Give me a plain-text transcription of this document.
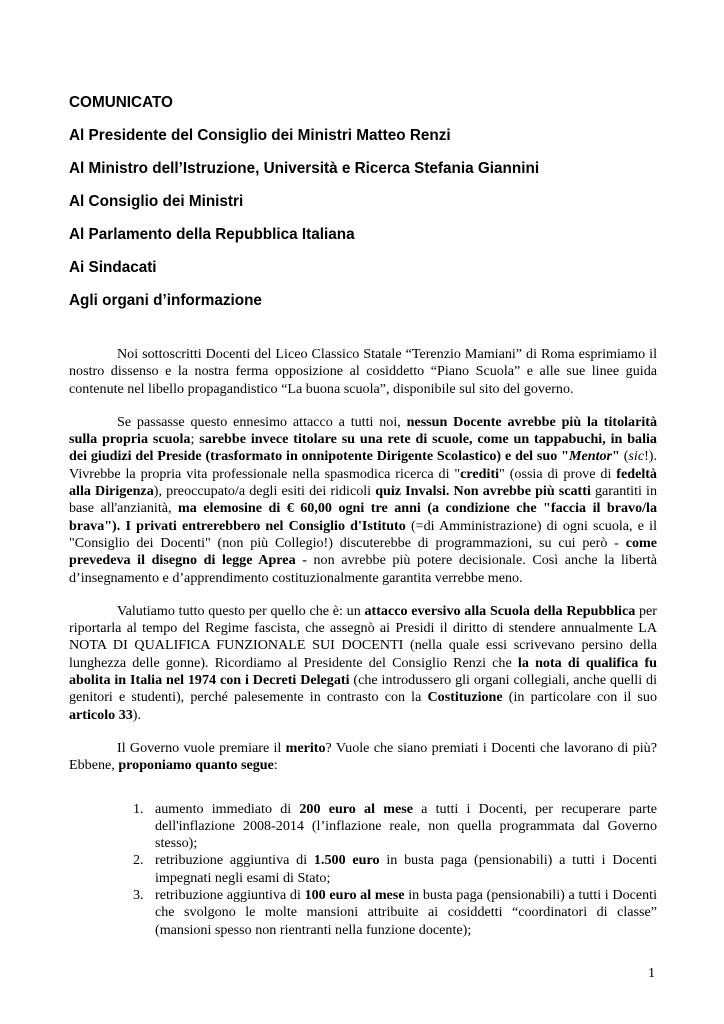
COMUNICATO
Al Presidente del Consiglio dei Ministri Matteo Renzi
Al Ministro dell’Istruzione, Università e Ricerca Stefania Giannini
Al Consiglio dei Ministri
Al Parlamento della Repubblica Italiana
Ai Sindacati
Agli organi d’informazione

Noi sottoscritti Docenti del Liceo Classico Statale “Terenzio Mamiani” di Roma esprimiamo il nostro dissenso e la nostra ferma opposizione al cosiddetto “Piano Scuola” e alle sue linee guida contenute nel libello propagandistico “La buona scuola”, disponibile sul sito del governo.

Se passasse questo ennesimo attacco a tutti noi, nessun Docente avrebbe più la titolarità sulla propria scuola; sarebbe invece titolare su una rete di scuole, come un tappabuchi, in balia dei giudizi del Preside (trasformato in onnipotente Dirigente Scolastico) e del suo "Mentor" (sic!). Vivrebbe la propria vita professionale nella spasmodica ricerca di "crediti" (ossia di prove di fedeltà alla Dirigenza), preoccupato/a degli esiti dei ridicoli quiz Invalsi. Non avrebbe più scatti garantiti in base all'anzianità, ma elemosine di € 60,00 ogni tre anni (a condizione che "faccia il bravo/la brava"). I privati entrerebbero nel Consiglio d'Istituto (=di Amministrazione) di ogni scuola, e il "Consiglio dei Docenti" (non più Collegio!) discuterebbe di programmazioni, su cui però - come prevedeva il disegno di legge Aprea - non avrebbe più potere decisionale. Così anche la libertà d’insegnamento e d’apprendimento costituzionalmente garantita verrebbe meno.

Valutiamo tutto questo per quello che è: un attacco eversivo alla Scuola della Repubblica per riportarla al tempo del Regime fascista, che assegnò ai Presidi il diritto di stendere annualmente LA NOTA DI QUALIFICA FUNZIONALE SUI DOCENTI (nella quale essi scrivevano persino della lunghezza delle gonne). Ricordiamo al Presidente del Consiglio Renzi che la nota di qualifica fu abolita in Italia nel 1974 con i Decreti Delegati (che introdussero gli organi collegiali, anche quelli di genitori e studenti), perché palesemente in contrasto con la Costituzione (in particolare con il suo articolo 33).

Il Governo vuole premiare il merito? Vuole che siano premiati i Docenti che lavorano di più? Ebbene, proponiamo quanto segue:

1. aumento immediato di 200 euro al mese a tutti i Docenti, per recuperare parte dell'inflazione 2008-2014 (l’inflazione reale, non quella programmata dal Governo stesso);
2. retribuzione aggiuntiva di 1.500 euro in busta paga (pensionabili) a tutti i Docenti impegnati negli esami di Stato;
3. retribuzione aggiuntiva di 100 euro al mese in busta paga (pensionabili) a tutti i Docenti che svolgono le molte mansioni attribuite ai cosiddetti “coordinatori di classe” (mansioni spesso non rientranti nella funzione docente);
1
